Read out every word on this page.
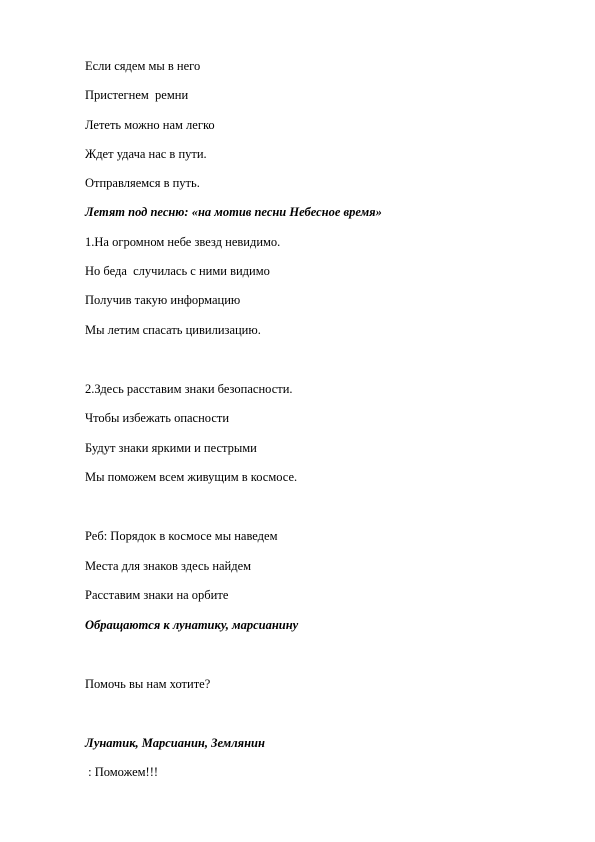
Если сядем мы в него
Пристегнем  ремни
Лететь можно нам легко
Ждет удача нас в пути.
Отправляемся в путь.
Летят под песню: «на мотив песни Небесное время»
1.На огромном небе звезд невидимо.
Но беда  случилась с ними видимо
Получив такую информацию
Мы летим спасать цивилизацию.
2.Здесь расставим знаки безопасности.
Чтобы избежать опасности
Будут знаки яркими и пестрыми
Мы поможем всем живущим в космосе.
Реб: Порядок в космосе мы наведем
Места для знаков здесь найдем
Расставим знаки на орбите
Обращаются к лунатику, марсианину
Помочь вы нам хотите?
Лунатик, Марсианин, Землянин
: Поможем!!!
